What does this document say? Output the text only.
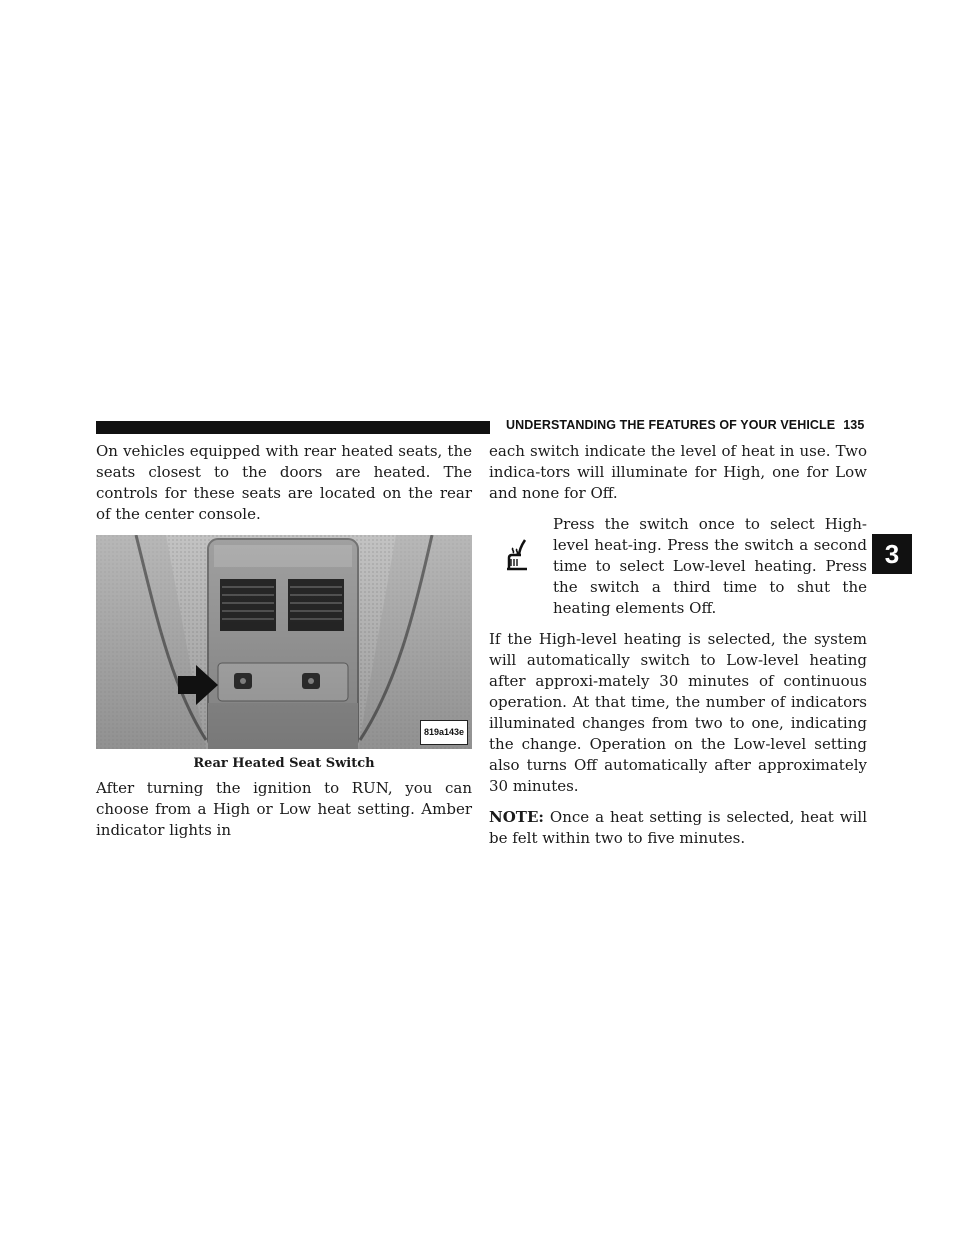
UNDERSTANDING THE FEATURES OF YOUR VEHICLE 135
3

On vehicles equipped with rear heated seats, the seats closest to the doors are heated. The controls for these seats are located on the rear of the center console.

819a143e
Rear Heated Seat Switch

After turning the ignition to RUN, you can choose from a High or Low heat setting. Amber indicator lights in

each switch indicate the level of heat in use. Two indica-tors will illuminate for High, one for Low and none for Off.

Press the switch once to select High-level heat-ing. Press the switch a second time to select Low-level heating. Press the switch a third time to shut the heating elements Off.

If the High-level heating is selected, the system will automatically switch to Low-level heating after approxi-mately 30 minutes of continuous operation. At that time, the number of indicators illuminated changes from two to one, indicating the change. Operation on the Low-level setting also turns Off automatically after approximately 30 minutes.

NOTE: Once a heat setting is selected, heat will be felt within two to five minutes.
